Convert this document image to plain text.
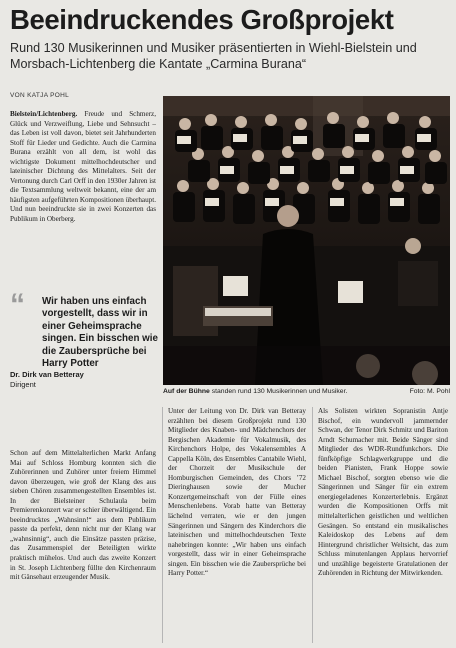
Beeindruckendes Großprojekt
Rund 130 Musikerinnen und Musiker präsentierten in Wiehl-Bielstein und Morsbach-Lichtenberg die Kantate „Carmina Burana“
VON KATJA POHL
Bielstein/Lichtenberg. Freude und Schmerz, Glück und Verzweiflung, Liebe und Sehnsucht – das Leben ist voll davon, bietet seit Jahrhunderten Stoff für Lieder und Gedichte. Auch die Carmina Burana erzählt von all dem, ist wohl das wichtigste Dokument mittelhochdeutscher und lateinischer Dichtung des Mittelalters. Seit der Vertonung durch Carl Orff in den 1930er Jahren ist die Textsammlung weltweit bekannt, eine der am häufigsten aufgeführten Kompositionen überhaupt. Und nun beeindruckte sie in zwei Konzerten das Publikum in Oberberg.
“ Wir haben uns einfach vorgestellt, dass wir in einer Geheimsprache singen. Ein bisschen wie die Zaubersprüche bei Harry Potter
Dr. Dirk van Betteray
Dirigent
Auf der Bühne standen rund 130 Musikerinnen und Musiker.	Foto: M. Pohl
Schon auf dem Mittelalterlichen Markt Anfang Mai auf Schloss Homburg konnten sich die Zuhörerinnen und Zuhörer unter freiem Himmel davon überzeugen, wie groß der Klang des aus sieben Chören zusammengestellten Ensembles ist. In der Bielsteiner Schulaula beim Premierenkonzert war er schier überwältigend. Ein beeindrucktes „Wahnsinn!“ aus dem Publikum passte da perfekt, denn nicht nur der Klang war „wahnsinnig“, auch die Einsätze passten präzise, das Zusammenspiel der Beteiligten wirkte praktisch mühelos. Und auch das zweite Konzert in St. Joseph Lichtenberg füllte den Kirchenraum mit Gänsehaut erzeugender Musik.
Unter der Leitung von Dr. Dirk van Betteray erzählten bei diesem Großprojekt rund 130 Mitglieder des Knaben- und Mädchenchors der Bergischen Akademie für Vokalmusik, des Kirchenchors Holpe, des Vokalensembles A Cappella Köln, des Ensembles Cantabile Wiehl, der Chorzeit der Musikschule der Homburgischen Gemeinden, des Chors ’72 Dieringhausen sowie der Mucher Konzertgemeinschaft von der Fülle eines Menschenlebens. Vorab hatte van Betteray lächelnd verraten, wie er den jungen Sängerinnen und Sängern des Kinderchors die lateinischen und mittelhochdeutschen Texte nahebringen konnte: „Wir haben uns einfach vorgestellt, dass wir in einer Geheimsprache singen. Ein bisschen wie die Zaubersprüche bei Harry Potter.“
Als Solisten wirkten Sopranistin Antje Bischof, ein wundervoll jammernder Schwan, der Tenor Dirk Schmitz und Bariton Arndt Schumacher mit. Beide Sänger sind Mitglieder des WDR-Rundfunkchors. Die fünfköpfige Schlagwerkgruppe und die beiden Pianisten, Frank Hoppe sowie Michael Bischof, sorgten ebenso wie die Sängerinnen und Sänger für ein extrem energiegeladenes Konzerterlebnis. Ergänzt wurden die Kompositionen Orffs mit mittelalterlichen geistlichen und weltlichen Gesängen. So entstand ein musikalisches Kaleidoskop des Lebens auf dem Hintergrund christlicher Weltsicht, das zum Schluss minutenlangen Applaus hervorrief und unzählige begeisterte Gratulationen der Zuhörenden in Richtung der Mitwirkenden.
